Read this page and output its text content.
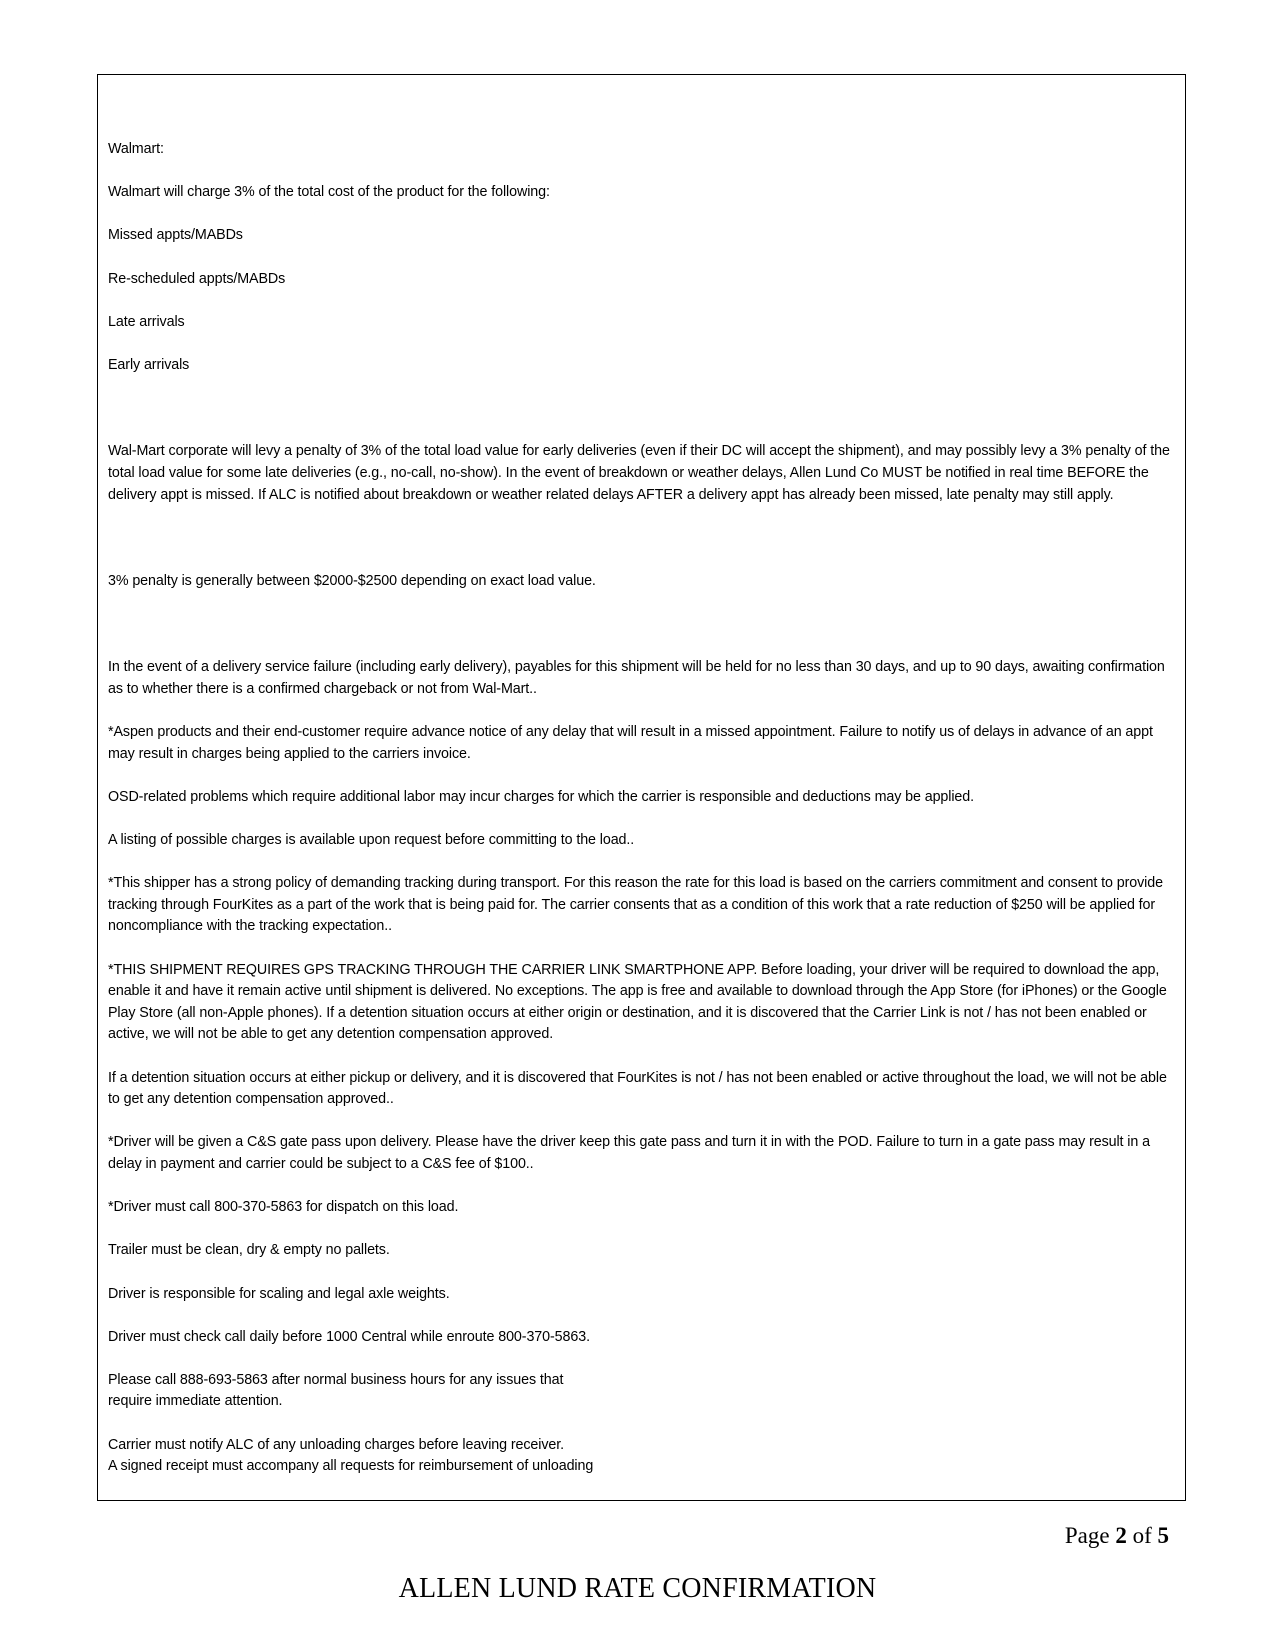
Walmart:

Walmart will charge 3% of the total cost of the product for the following:

Missed appts/MABDs

Re-scheduled appts/MABDs

Late arrivals

Early arrivals

Wal-Mart corporate will levy a penalty of 3% of the total load value for early deliveries (even if their DC will accept the shipment), and may possibly levy a 3% penalty of the total load value for some late deliveries (e.g., no-call, no-show). In the event of breakdown or weather delays, Allen Lund Co MUST be notified in real time BEFORE the delivery appt is missed. If ALC is notified about breakdown or weather related delays AFTER a delivery appt has already been missed, late penalty may still apply.

3% penalty is generally between $2000-$2500 depending on exact load value.

In the event of a delivery service failure (including early delivery), payables for this shipment will be held for no less than 30 days, and up to 90 days, awaiting confirmation as to whether there is a confirmed chargeback or not from Wal-Mart..

*Aspen products and their end-customer require advance notice of any delay that will result in a missed appointment. Failure to notify us of delays in advance of an appt may result in charges being applied to the carriers invoice.

OSD-related problems which require additional labor may incur charges for which the carrier is responsible and deductions may be applied.

A listing of possible charges is available upon request before committing to the load..

*This shipper has a strong policy of demanding tracking during transport. For this reason the rate for this load is based on the carriers commitment and consent to provide tracking through FourKites as a part of the work that is being paid for. The carrier consents that as a condition of this work that a rate reduction of $250 will be applied for noncompliance with the tracking expectation..

*THIS SHIPMENT REQUIRES GPS TRACKING THROUGH THE CARRIER LINK SMARTPHONE APP. Before loading, your driver will be required to download the app, enable it and have it remain active until shipment is delivered. No exceptions. The app is free and available to download through the App Store (for iPhones) or the Google Play Store (all non-Apple phones). If a detention situation occurs at either origin or destination, and it is discovered that the Carrier Link is not / has not been enabled or active, we will not be able to get any detention compensation approved.

If a detention situation occurs at either pickup or delivery, and it is discovered that FourKites is not / has not been enabled or active throughout the load, we will not be able to get any detention compensation approved..

*Driver will be given a C&S gate pass upon delivery. Please have the driver keep this gate pass and turn it in with the POD. Failure to turn in a gate pass may result in a delay in payment and carrier could be subject to a C&S fee of $100..

*Driver must call 800-370-5863 for dispatch on this load.

Trailer must be clean, dry & empty no pallets.

Driver is responsible for scaling and legal axle weights.

Driver must check call daily before 1000 Central while enroute 800-370-5863.

Please call 888-693-5863 after normal business hours for any issues that
require immediate attention.

Carrier must notify ALC of any unloading charges before leaving receiver.

A signed receipt must accompany all requests for reimbursement of unloading

Page 2 of 5
ALLEN LUND RATE CONFIRMATION
